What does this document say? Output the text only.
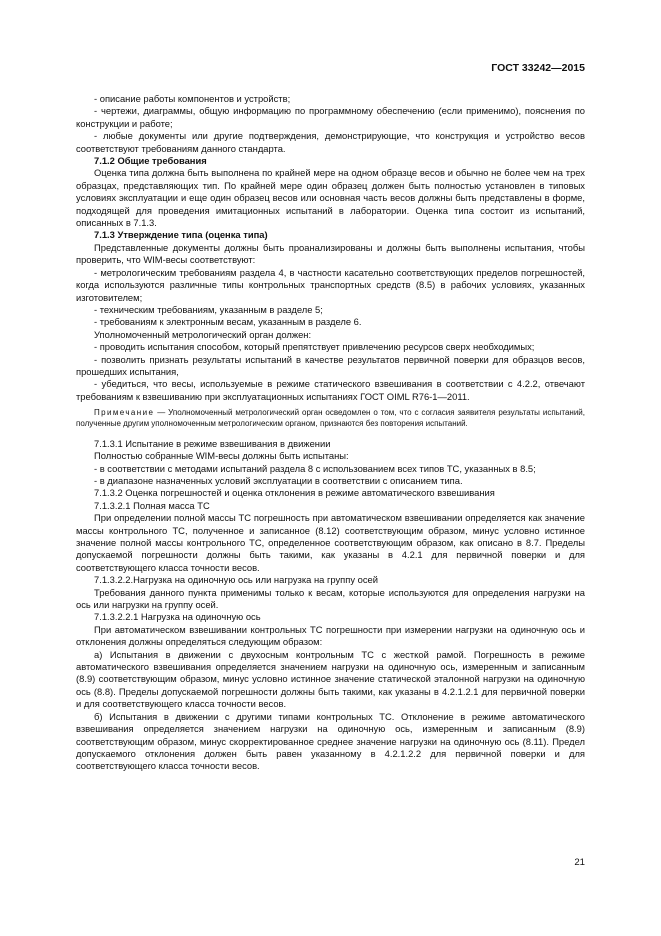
ГОСТ 33242—2015

- описание работы компонентов и устройств;

- чертежи, диаграммы, общую информацию по программному обеспечению (если применимо), пояснения по конструкции и работе;

- любые документы или другие подтверждения, демонстрирующие, что конструкция и устройство весов соответствуют требованиям данного стандарта.

7.1.2 Общие требования

Оценка типа должна быть выполнена по крайней мере на одном образце весов и обычно не более чем на трех образцах, представляющих тип. По крайней мере один образец должен быть полностью установлен в типовых условиях эксплуатации и еще один образец весов или основная часть весов должны быть представлены в форме, подходящей для проведения имитационных испытаний в лаборатории. Оценка типа состоит из испытаний, описанных в 7.1.3.

7.1.3 Утверждение типа (оценка типа)

Представленные документы должны быть проанализированы и должны быть выполнены испытания, чтобы проверить, что WIM-весы соответствуют:

- метрологическим требованиям раздела 4, в частности касательно соответствующих пределов погрешностей, когда используются различные типы контрольных транспортных средств (8.5) в рабочих условиях, указанных изготовителем;

- техническим требованиям, указанным в разделе 5;

- требованиям к электронным весам, указанным в разделе 6.

Уполномоченный метрологический орган должен:

- проводить испытания способом, который препятствует привлечению ресурсов сверх необходимых;

- позволить признать результаты испытаний в качестве результатов первичной поверки для образцов весов, прошедших испытания,

- убедиться, что весы, используемые в режиме статического взвешивания в соответствии с 4.2.2, отвечают требованиям к взвешиванию при эксплуатационных испытаниях ГОСТ OIML R76-1—2011.

Примечание — Уполномоченный метрологический орган осведомлен о том, что с согласия заявителя результаты испытаний, полученные другим уполномоченным метрологическим органом, признаются без повторения испытаний.

7.1.3.1 Испытание в режиме взвешивания в движении

Полностью собранные WIM-весы должны быть испытаны:

- в соответствии с методами испытаний раздела 8 с использованием всех типов ТС, указанных в 8.5;

- в диапазоне назначенных условий эксплуатации в соответствии с описанием типа.

7.1.3.2 Оценка погрешностей и оценка отклонения в режиме автоматического взвешивания

7.1.3.2.1 Полная масса ТС

При определении полной массы ТС погрешность при автоматическом взвешивании определяется как значение массы контрольного ТС, полученное и записанное (8.12) соответствующим образом, минус условно истинное значение полной массы контрольного ТС, определенное соответствующим образом, как описано в 8.7. Пределы допускаемой погрешности должны быть такими, как указаны в 4.2.1 для первичной поверки и для соответствующего класса точности весов.

7.1.3.2.2.Нагрузка на одиночную ось или нагрузка на группу осей

Требования данного пункта применимы только к весам, которые используются для определения нагрузки на ось или нагрузки на группу осей.

7.1.3.2.2.1 Нагрузка на одиночную ось

При автоматическом взвешивании контрольных ТС погрешности при измерении нагрузки на одиночную ось и отклонения должны определяться следующим образом:

а) Испытания в движении с двухосным контрольным ТС с жесткой рамой. Погрешность в режиме автоматического взвешивания определяется значением нагрузки на одиночную ось, измеренным и записанным (8.9) соответствующим образом, минус условно истинное значение статической эталонной нагрузки на одиночную ось (8.8). Пределы допускаемой погрешности должны быть такими, как указаны в 4.2.1.2.1 для первичной поверки и для соответствующего класса точности весов.

б) Испытания в движении с другими типами контрольных ТС. Отклонение в режиме автоматического взвешивания определяется значением нагрузки на одиночную ось, измеренным и записанным (8.9) соответствующим образом, минус скорректированное среднее значение нагрузки на одиночную ось (8.11). Предел допускаемого отклонения должен быть равен указанному в 4.2.1.2.2 для первичной поверки и для соответствующего класса точности весов.

21
